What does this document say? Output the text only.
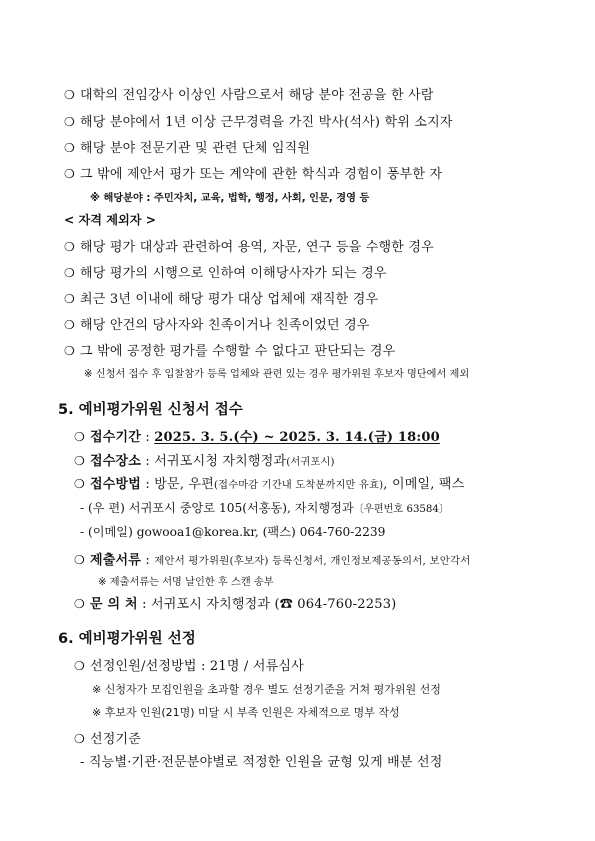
❍ 대학의 전임강사 이상인 사람으로서 해당 분야 전공을 한 사람
❍ 해당 분야에서 1년 이상 근무경력을 가진 박사(석사) 학위 소지자
❍ 해당 분야 전문기관 및 관련 단체 임직원
❍ 그 밖에 제안서 평가 또는 계약에 관한 학식과 경험이 풍부한 자
※ 해당분야 : 주민자치, 교육, 법학, 행정, 사회, 인문, 경영 등
< 자격 제외자 >
❍ 해당 평가 대상과 관련하여 용역, 자문, 연구 등을 수행한 경우
❍ 해당 평가의 시행으로 인하여 이해당사자가 되는 경우
❍ 최근 3년 이내에 해당 평가 대상 업체에 재직한 경우
❍ 해당 안건의 당사자와 친족이거나 친족이었던 경우
❍ 그 밖에 공정한 평가를 수행할 수 없다고 판단되는 경우
※ 신청서 접수 후 입찰참가 등록 업체와 관련 있는 경우 평가위원 후보자 명단에서 제외
5. 예비평가위원 신청서 접수
❍ 접수기간 : 2025. 3. 5.(수) ~ 2025. 3. 14.(금) 18:00
❍ 접수장소 : 서귀포시청 자치행정과(서귀포시)
❍ 접수방법 : 방문, 우편(접수마감 기간내 도착분까지만 유효), 이메일, 팩스
- (우 편) 서귀포시 중앙로 105(서홍동), 자치행정과〔우편번호 63584〕
- (이메일) gowooa1@korea.kr, (팩스) 064-760-2239
❍ 제출서류 : 제안서 평가위원(후보자) 등록신청서, 개인정보제공동의서, 보안각서
※ 제출서류는 서명 날인한 후 스캔 송부
❍ 문 의 처 : 서귀포시 자치행정과 (☎ 064-760-2253)
6. 예비평가위원 선정
❍ 선정인원/선정방법 : 21명 / 서류심사
※ 신청자가 모집인원을 초과할 경우 별도 선정기준을 거쳐 평가위원 선정
※ 후보자 인원(21명) 미달 시 부족 인원은 자체적으로 명부 작성
❍ 선정기준
- 직능별·기관·전문분야별로 적정한 인원을 균형 있게 배분 선정
